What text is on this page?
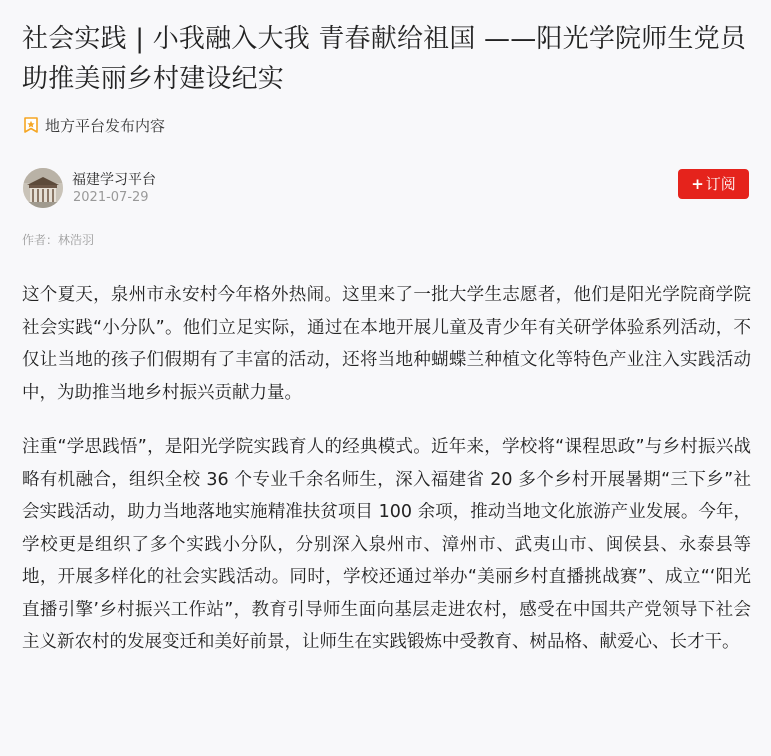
社会实践 | 小我融入大我 青春献给祖国 ——阳光学院师生党员助推美丽乡村建设纪实
地方平台发布内容
福建学习平台
2021-07-29
+ 订阅
作者：林浩羽

这个夏天，泉州市永安村今年格外热闹。这里来了一批大学生志愿者，他们是阳光学院商学院社会实践“小分队”。他们立足实际，通过在本地开展儿童及青少年有关研学体验系列活动，不仅让当地的孩子们假期有了丰富的活动，还将当地种蝴蝶兰种植文化等特色产业注入实践活动中，为助推当地乡村振兴贡献力量。

注重“学思践悟”，是阳光学院实践育人的经典模式。近年来，学校将“课程思政”与乡村振兴战略有机融合，组织全校 36 个专业千余名师生，深入福建省 20 多个乡村开展暑期“三下乡”社会实践活动，助力当地落地实施精准扶贫项目 100 余项，推动当地文化旅游产业发展。今年，学校更是组织了多个实践小分队，分别深入泉州市、漳州市、武夷山市、闽侯县、永泰县等地，开展多样化的社会实践活动。同时，学校还通过举办“美丽乡村直播挑战赛”、成立“‘阳光直播引擎’乡村振兴工作站”，教育引导师生面向基层走进农村，感受在中国共产党领导下社会主义新农村的发展变迁和美好前景，让师生在实践锻炼中受教育、树品格、献爱心、长才干。
